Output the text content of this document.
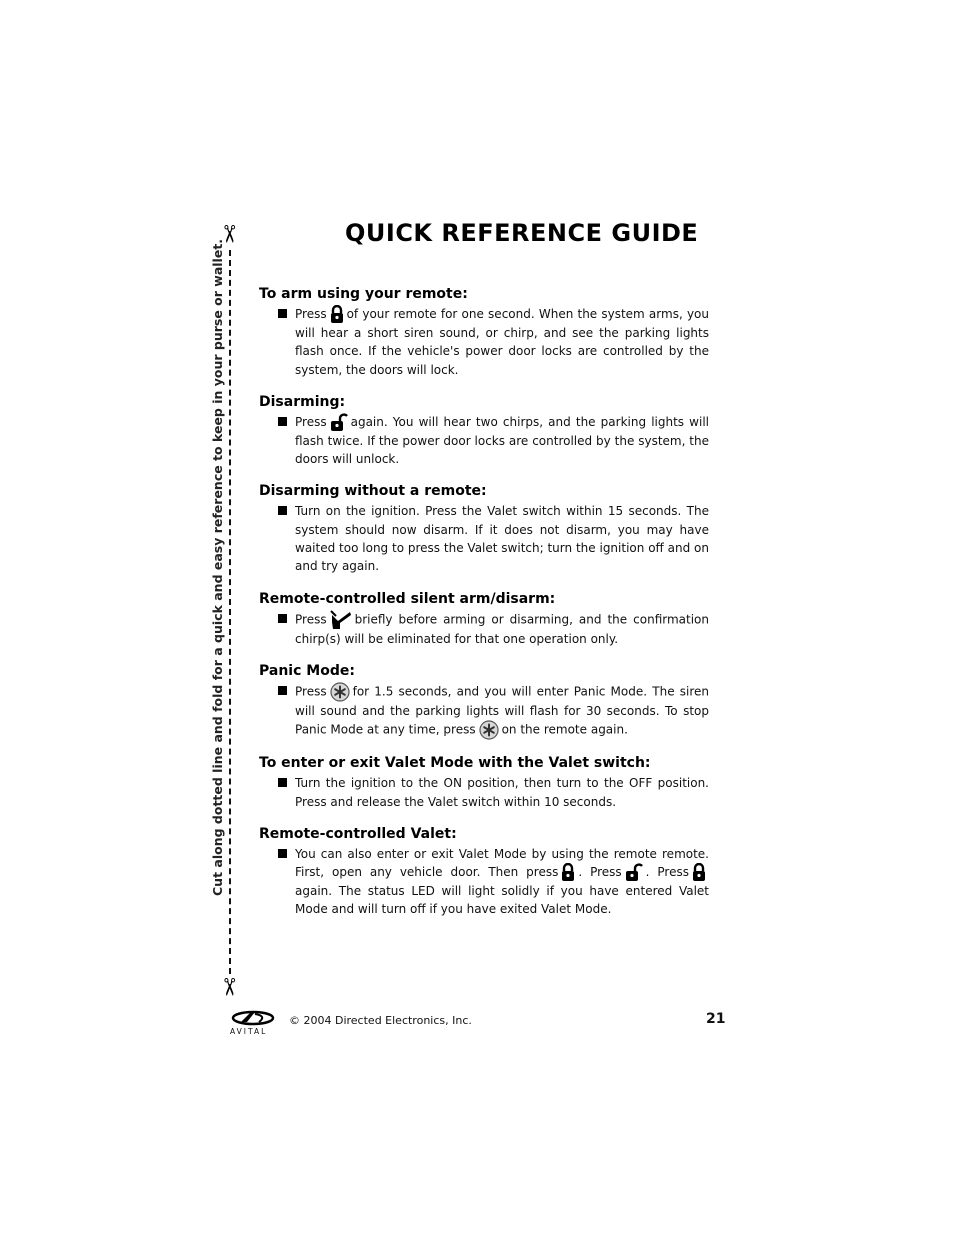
QUICK REFERENCE GUIDE
✂
✂
Cut along dotted line and fold for a quick and easy reference to keep in your purse or wallet. To arm using your remote:
Press of your remote for one second. When the system arms, you will hear a short siren sound, or chirp, and see the parking lights flash once. If the vehicle's power door locks are controlled by the system, the doors will lock.
Disarming:
Press again. You will hear two chirps, and the parking lights will flash twice. If the power door locks are controlled by the system, the doors will unlock.
Disarming without a remote:
Turn on the ignition. Press the Valet switch within 15 seconds. The system should now disarm. If it does not disarm, you may have waited too long to press the Valet switch; turn the ignition off and on and try again.
Remote-controlled silent arm/disarm:
Press briefly before arming or disarming, and the confirmation chirp(s) will be eliminated for that one operation only.
Panic Mode:
Press for 1.5 seconds, and you will enter Panic Mode. The siren will sound and the parking lights will flash for 30 seconds. To stop Panic Mode at any time, press on the remote again.
To enter or exit Valet Mode with the Valet switch:
Turn the ignition to the ON position, then turn to the OFF position. Press and release the Valet switch within 10 seconds.
Remote-controlled Valet:
You can also enter or exit Valet Mode by using the remote remote. First, open any vehicle door. Then press . Press . Press
again. The status LED will light solidly if you have entered Valet Mode and will turn off if you have exited Valet Mode.
AVITAL
© 2004 Directed Electronics, Inc.	21
